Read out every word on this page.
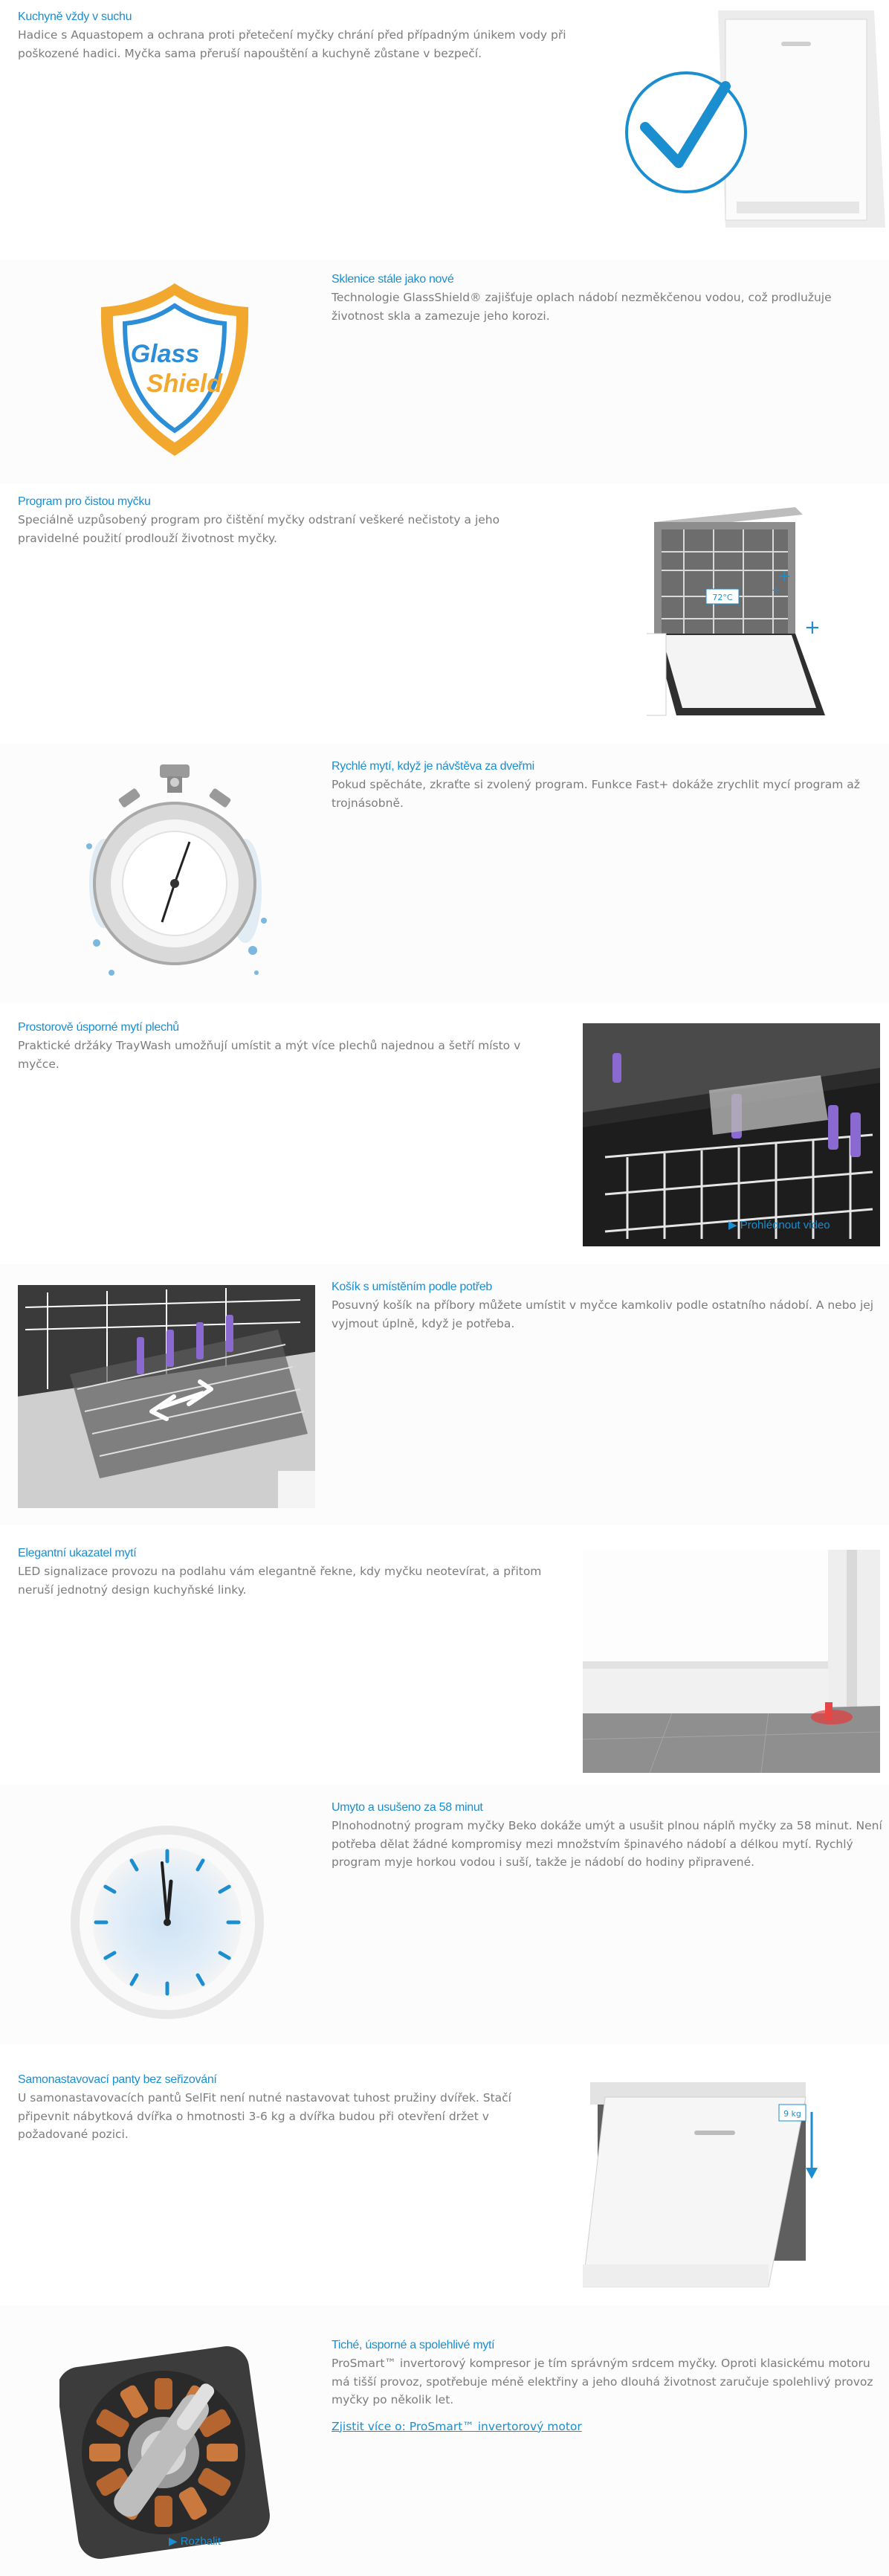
Kuchyně vždy v suchu

Hadice s Aquastopem a ochrana proti přetečení myčky chrání před případným únikem vody při poškozené hadici. Myčka sama přeruší napouštění a kuchyně zůstane v bezpečí.

Glass
Shield
Sklenice stále jako nové

Technologie GlassShield® zajišťuje oplach nádobí nezměkčenou vodou, což prodlužuje životnost skla a zamezuje jeho korozi.

Program pro čistou myčku

Speciálně uzpůsobený program pro čištění myčky odstraní veškeré nečistoty a jeho pravidelné použití prodlouží životnost myčky.

72°C
+
+
+
Rychlé mytí, když je návštěva za dveřmi

Pokud spěcháte, zkraťte si zvolený program. Funkce Fast+ dokáže zrychlit mycí program až trojnásobně.

Prostorově úsporné mytí plechů

Praktické držáky TrayWash umožňují umístit a mýt více plechů najednou a šetří místo v myčce.

▶ Prohlédnout video
Košík s umístěním podle potřeb

Posuvný košík na příbory můžete umístit v myčce kamkoliv podle ostatního nádobí. A nebo jej vyjmout úplně, když je potřeba.

Elegantní ukazatel mytí

LED signalizace provozu na podlahu vám elegantně řekne, kdy myčku neotevírat, a přitom neruší jednotný design kuchyňské linky.

Umyto a usušeno za 58 minut

Plnohodnotný program myčky Beko dokáže umýt a usušit plnou náplň myčky za 58 minut. Není potřeba dělat žádné kompromisy mezi množstvím špinavého nádobí a délkou mytí. Rychlý program myje horkou vodou i suší, takže je nádobí do hodiny připravené.

Samonastavovací panty bez seřizování

U samonastavovacích pantů SelFit není nutné nastavovat tuhost pružiny dvířek. Stačí připevnit nábytková dvířka o hmotnosti 3-6 kg a dvířka budou při otevření držet v požadované pozici.

9 kg
▶ Rozbalit
Tiché, úsporné a spolehlivé mytí

ProSmart™ invertorový kompresor je tím správným srdcem myčky. Oproti klasickému motoru má tišší provoz, spotřebuje méně elektřiny a jeho dlouhá životnost zaručuje spolehlivý provoz myčky po několik let.

Zjistit více o: ProSmart™ invertorový motor
